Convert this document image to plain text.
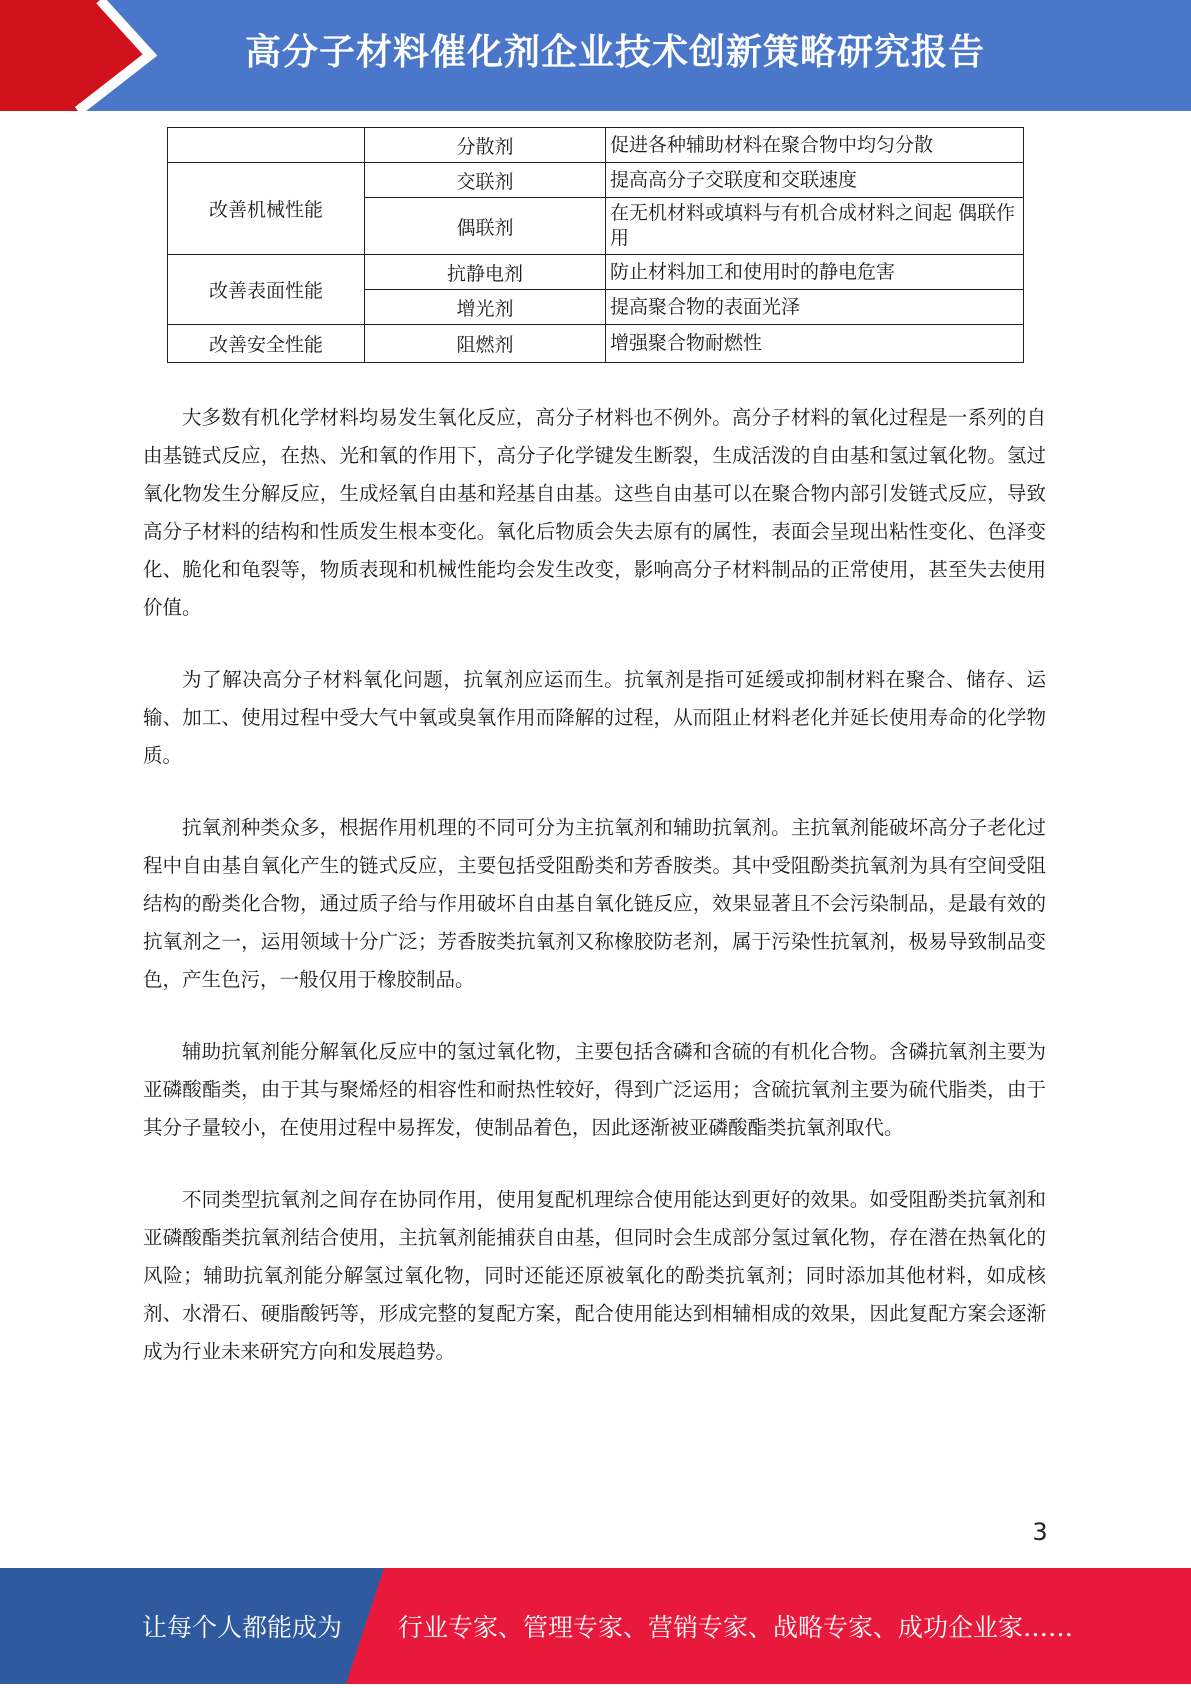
高分子材料催化剂企业技术创新策略研究报告
	分散剂	促进各种辅助材料在聚合物中均匀分散
改善机械性能	交联剂	提高高分子交联度和交联速度
	偶联剂	在无机材料或填料与有机合成材料之间起 偶联作用
改善表面性能	抗静电剂	防止材料加工和使用时的静电危害
	增光剂	提高聚合物的表面光泽
改善安全性能	阻燃剂	增强聚合物耐燃性

大多数有机化学材料均易发生氧化反应，高分子材料也不例外。高分子材料的氧化过程是一系列的自由基链式反应，在热、光和氧的作用下，高分子化学键发生断裂，生成活泼的自由基和氢过氧化物。氢过氧化物发生分解反应，生成烃氧自由基和羟基自由基。这些自由基可以在聚合物内部引发链式反应，导致高分子材料的结构和性质发生根本变化。氧化后物质会失去原有的属性，表面会呈现出粘性变化、色泽变化、脆化和龟裂等，物质表现和机械性能均会发生改变，影响高分子材料制品的正常使用，甚至失去使用价值。

为了解决高分子材料氧化问题，抗氧剂应运而生。抗氧剂是指可延缓或抑制材料在聚合、储存、运输、加工、使用过程中受大气中氧或臭氧作用而降解的过程，从而阻止材料老化并延长使用寿命的化学物质。

抗氧剂种类众多，根据作用机理的不同可分为主抗氧剂和辅助抗氧剂。主抗氧剂能破坏高分子老化过程中自由基自氧化产生的链式反应，主要包括受阻酚类和芳香胺类。其中受阻酚类抗氧剂为具有空间受阻结构的酚类化合物，通过质子给与作用破坏自由基自氧化链反应，效果显著且不会污染制品，是最有效的抗氧剂之一，运用领域十分广泛；芳香胺类抗氧剂又称橡胶防老剂，属于污染性抗氧剂，极易导致制品变色，产生色污，一般仅用于橡胶制品。

辅助抗氧剂能分解氧化反应中的氢过氧化物，主要包括含磷和含硫的有机化合物。含磷抗氧剂主要为亚磷酸酯类，由于其与聚烯烃的相容性和耐热性较好，得到广泛运用；含硫抗氧剂主要为硫代脂类，由于其分子量较小，在使用过程中易挥发，使制品着色，因此逐渐被亚磷酸酯类抗氧剂取代。

不同类型抗氧剂之间存在协同作用，使用复配机理综合使用能达到更好的效果。如受阻酚类抗氧剂和亚磷酸酯类抗氧剂结合使用，主抗氧剂能捕获自由基，但同时会生成部分氢过氧化物，存在潜在热氧化的风险；辅助抗氧剂能分解氢过氧化物，同时还能还原被氧化的酚类抗氧剂；同时添加其他材料，如成核剂、水滑石、硬脂酸钙等，形成完整的复配方案，配合使用能达到相辅相成的效果，因此复配方案会逐渐成为行业未来研究方向和发展趋势。

3
让每个人都能成为 行业专家、管理专家、营销专家、战略专家、成功企业家……
